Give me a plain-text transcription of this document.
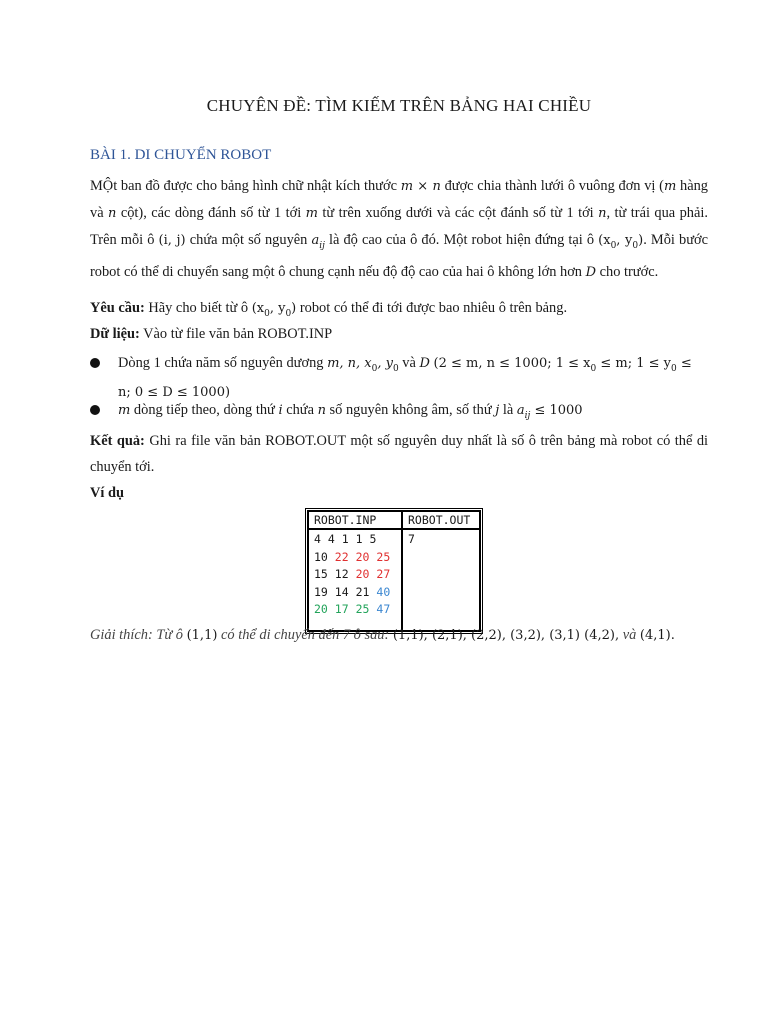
CHUYÊN ĐỀ: TÌM KIẾM TRÊN BẢNG HAI CHIỀU
BÀI 1. DI CHUYỂN ROBOT
MỘt ban đồ được cho bảng hình chữ nhật kích thước m × n được chia thành lưới ô vuông đơn vị (m hàng và n cột), các dòng đánh số từ 1 tới m từ trên xuống dưới và các cột đánh số từ 1 tới n, từ trái qua phải. Trên mỗi ô (i, j) chứa một số nguyên $a_{ij}$ là độ cao của ô đó. Một robot hiện đứng tại ô ($x_0$, $y_0$). Mỗi bước robot có thể di chuyển sang một ô chung cạnh nếu độ độ cao của hai ô không lớn hơn D cho trước.
Yêu cầu: Hãy cho biết từ ô ($x_0$, $y_0$) robot có thể đi tới được bao nhiêu ô trên bảng.
Dữ liệu: Vào từ file văn bản ROBOT.INP
Dòng 1 chứa năm số nguyên dương m, n, $x_0$, $y_0$ và D (2 ≤ m, n ≤ 1000; $1 \le x_0 \le m$; $1 \le y_0$ ≤
n; 0 ≤ D ≤ 1000)
m dòng tiếp theo, dòng thứ i chứa n số nguyên không âm, số thứ j là $a_{ij} \le 1000$
Kết quả: Ghi ra file văn bản ROBOT.OUT một số nguyên duy nhất là số ô trên bảng mà robot có thể di chuyển tới.
Ví dụ
ROBOT.INP	ROBOT.OUT

4 4 1 1 5
10 22 20 25
15 12 20 27
19 14 21 40
20 17 25 47	7
Giải thích: Từ ô (1,1) có thể di chuyển đến 7 ô sau: (1,1), (2,1), (2,2), (3,2), (3,1) (4,2), và (4,1).
